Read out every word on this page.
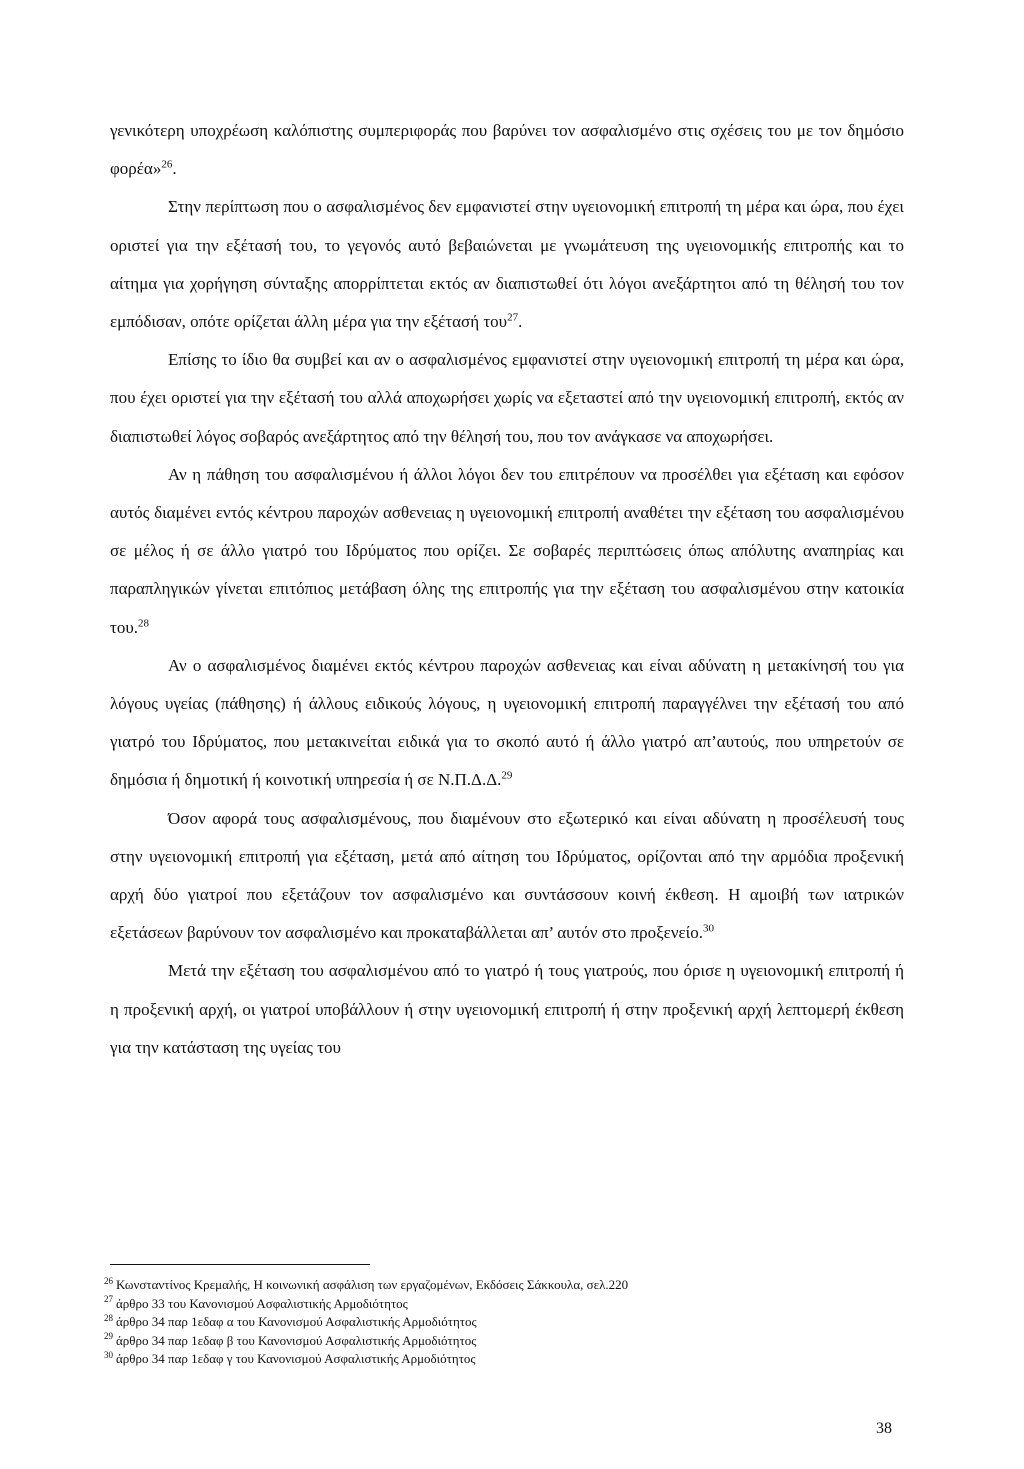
γενικότερη υποχρέωση καλόπιστης συμπεριφοράς που βαρύνει τον ασφαλισμένο στις σχέσεις του με τον δημόσιο φορέα»$^{26}$.

Στην περίπτωση που ο ασφαλισμένος δεν εμφανιστεί στην υγειονομική επιτροπή τη μέρα και ώρα, που έχει οριστεί για την εξέτασή του, το γεγονός αυτό βεβαιώνεται με γνωμάτευση της υγειονομικής επιτροπής και το αίτημα για χορήγηση σύνταξης απορρίπτεται εκτός αν διαπιστωθεί ότι λόγοι ανεξάρτητοι από τη θέλησή του τον εμπόδισαν, οπότε ορίζεται άλλη μέρα για την εξέτασή του$^{27}$.

Επίσης το ίδιο θα συμβεί και αν ο ασφαλισμένος εμφανιστεί στην υγειονομική επιτροπή τη μέρα και ώρα, που έχει οριστεί για την εξέτασή του αλλά αποχωρήσει χωρίς να εξεταστεί από την υγειονομική επιτροπή, εκτός αν διαπιστωθεί λόγος σοβαρός ανεξάρτητος από την θέλησή του, που τον ανάγκασε να αποχωρήσει.

Αν η πάθηση του ασφαλισμένου ή άλλοι λόγοι δεν του επιτρέπουν να προσέλθει για εξέταση και εφόσον αυτός διαμένει εντός κέντρου παροχών ασθενειας η υγειονομική επιτροπή αναθέτει την εξέταση του ασφαλισμένου σε μέλος ή σε άλλο γιατρό του Ιδρύματος που ορίζει. Σε σοβαρές περιπτώσεις όπως απόλυτης αναπηρίας και παραπληγικών γίνεται επιτόπιος μετάβαση όλης της επιτροπής για την εξέταση του ασφαλισμένου στην κατοικία του.$^{28}$

Αν ο ασφαλισμένος διαμένει εκτός κέντρου παροχών ασθενειας και είναι αδύνατη η μετακίνησή του για λόγους υγείας (πάθησης) ή άλλους ειδικούς λόγους, η υγειονομική επιτροπή παραγγέλνει την εξέτασή του από γιατρό του Ιδρύματος, που μετακινείται ειδικά για το σκοπό αυτό ή άλλο γιατρό απ’αυτούς, που υπηρετούν σε δημόσια ή δημοτική ή κοινοτική υπηρεσία ή σε Ν.Π.Δ.Δ.$^{29}$

Όσον αφορά τους ασφαλισμένους, που διαμένουν στο εξωτερικό και είναι αδύνατη η προσέλευσή τους στην υγειονομική επιτροπή για εξέταση, μετά από αίτηση του Ιδρύματος, ορίζονται από την αρμόδια προξενική αρχή δύο γιατροί που εξετάζουν τον ασφαλισμένο και συντάσσουν κοινή έκθεση. Η αμοιβή των ιατρικών εξετάσεων βαρύνουν τον ασφαλισμένο και προκαταβάλλεται απ’ αυτόν στο προξενείο.$^{30}$

Μετά την εξέταση του ασφαλισμένου από το γιατρό ή τους γιατρούς, που όρισε η υγειονομική επιτροπή ή η προξενική αρχή, οι γιατροί υποβάλλουν ή στην υγειονομική επιτροπή ή στην προξενική αρχή λεπτομερή έκθεση για την κατάσταση της υγείας του

$^{26}$ Κωνσταντίνος Κρεμαλής, Η κοινωνική ασφάλιση των εργαζομένων, Εκδόσεις Σάκκουλα, σελ.220
$^{27}$ άρθρο 33 του Κανονισμού Ασφαλιστικής Αρμοδιότητος
$^{28}$ άρθρο 34 παρ 1εδαφ α του Κανονισμού Ασφαλιστικής Αρμοδιότητος
$^{29}$ άρθρο 34 παρ 1εδαφ β του Κανονισμού Ασφαλιστικής Αρμοδιότητος
$^{30}$ άρθρο 34 παρ 1εδαφ γ του Κανονισμού Ασφαλιστικής Αρμοδιότητος
38
